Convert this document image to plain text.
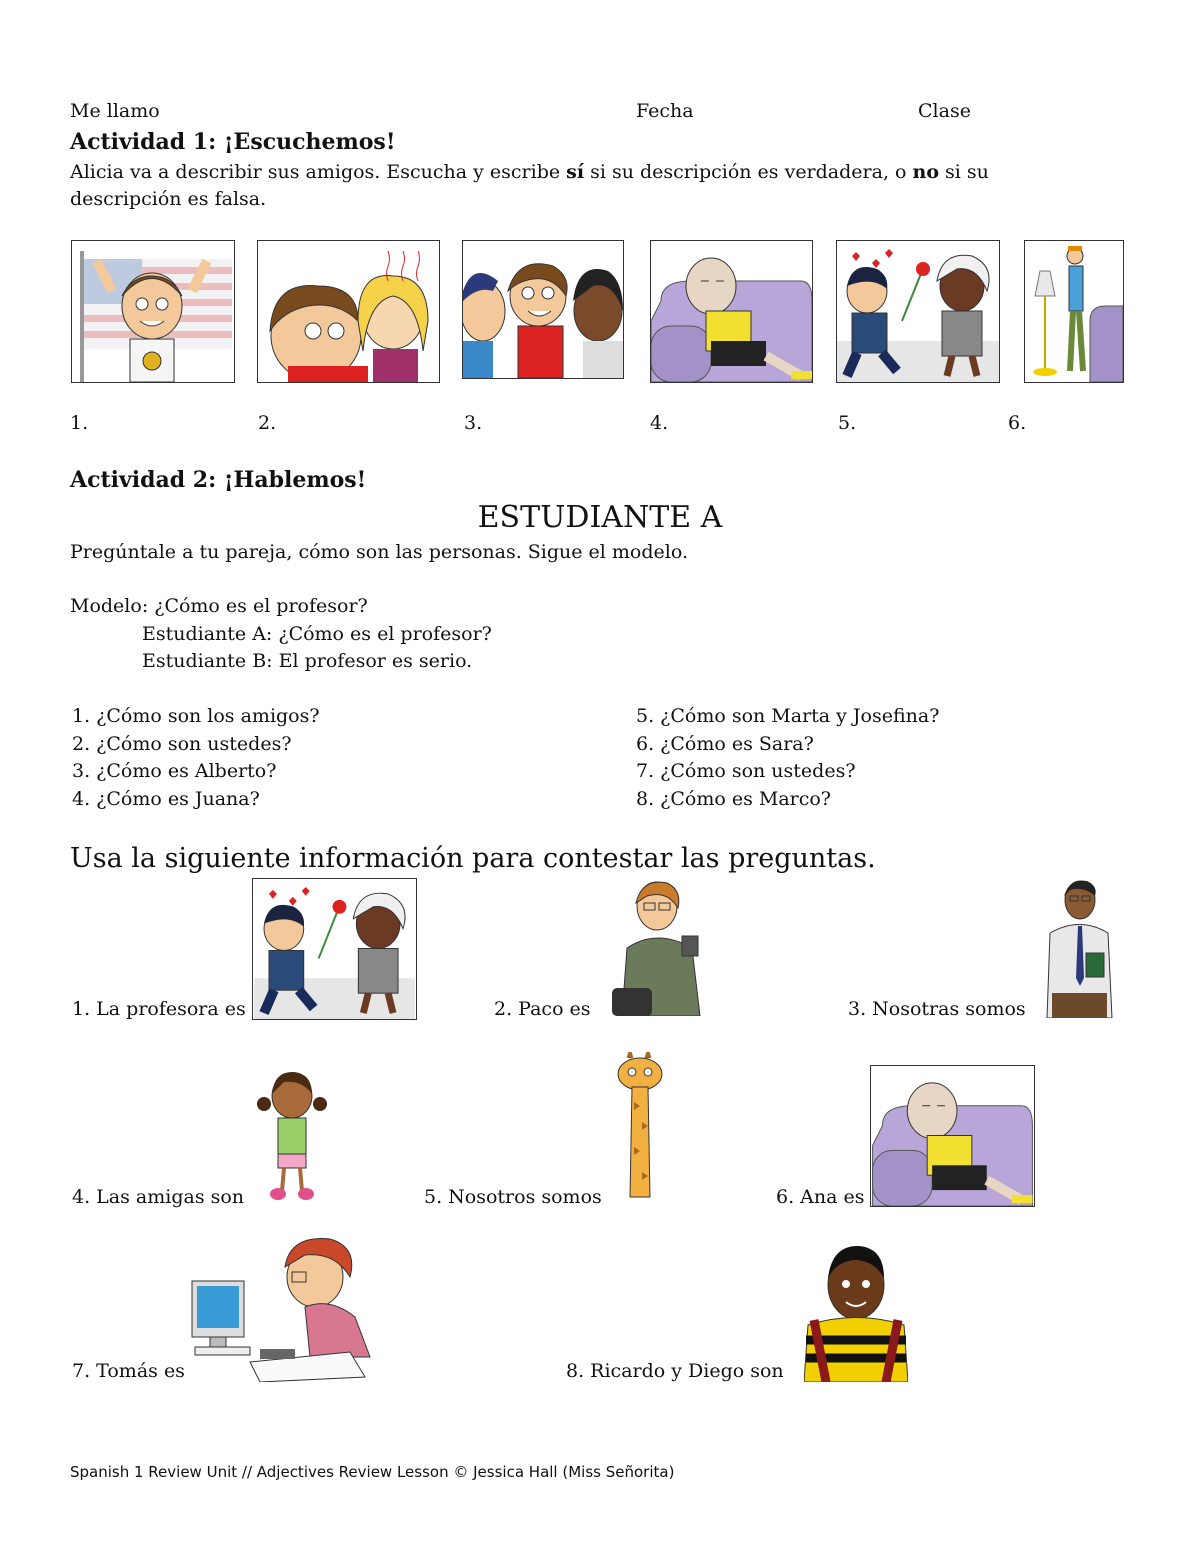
Me llamo	Fecha	Clase
Actividad 1: ¡Escuchemos!
Alicia va a describir sus amigos. Escucha y escribe sí si su descripción es verdadera, o no si su
descripción es falsa.
1.	2.	3.	4.	5.	6.
Actividad 2: ¡Hablemos!
ESTUDIANTE A
Pregúntale a tu pareja, cómo son las personas. Sigue el modelo.
Modelo: ¿Cómo es el profesor?
Estudiante A: ¿Cómo es el profesor?
Estudiante B: El profesor es serio.
1. ¿Cómo son los amigos?
2. ¿Cómo son ustedes?
3. ¿Cómo es Alberto?
4. ¿Cómo es Juana?
5. ¿Cómo son Marta y Josefina?
6. ¿Cómo es Sara?
7. ¿Cómo son ustedes?
8. ¿Cómo es Marco?
Usa la siguiente información para contestar las preguntas.
1. La profesora es	2. Paco es	3. Nosotras somos
4. Las amigas son	5. Nosotros somos	6. Ana es
7. Tomás es	8. Ricardo y Diego son
Spanish 1 Review Unit // Adjectives Review Lesson © Jessica Hall (Miss Señorita)
